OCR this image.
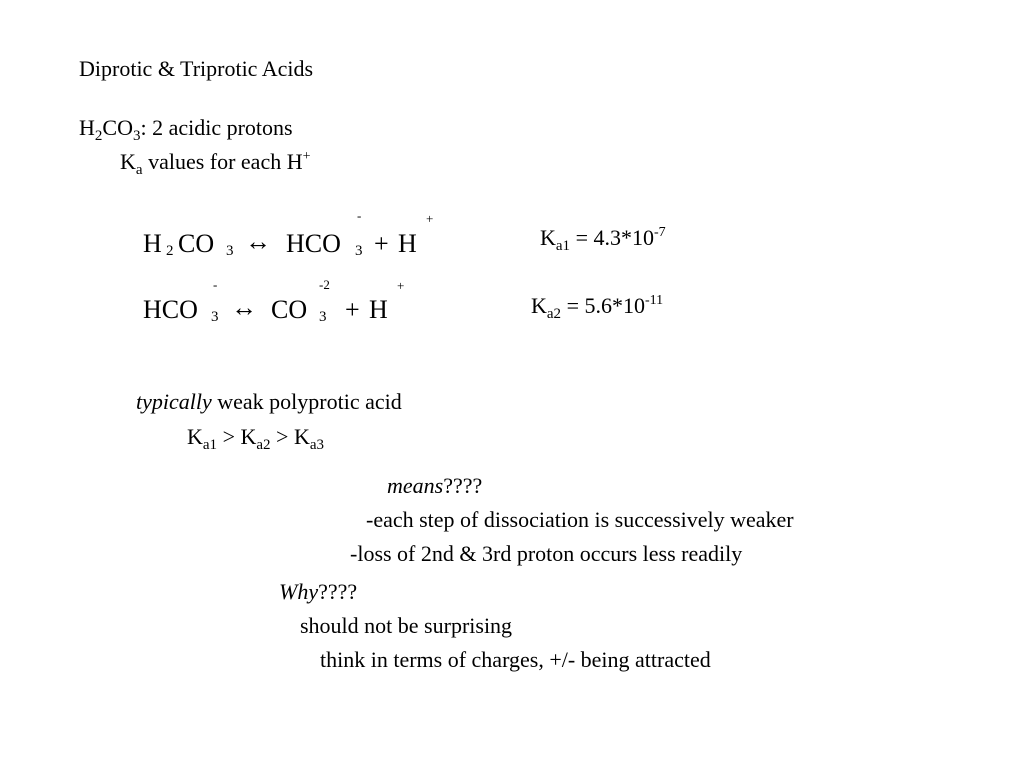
Diprotic & Triprotic Acids
$H_2CO_3$: 2 acidic protons
$K_a$ values for each H+
H 2 CO 3 ↔ HCO 3
-
+ H
+
$K_{a1} = 4.3*10^{-7}$
HCO 3
-
↔ CO 3
-2
+ H
+
$K_{a2} = 5.6*10^{-11}$
typically weak polyprotic acid
$K_{a1} > K_{a2} > K_{a3}$
means????
-each step of dissociation is successively weaker
-loss of 2nd & 3rd proton occurs less readily
Why????
should not be surprising
think in terms of charges, +/- being attracted
